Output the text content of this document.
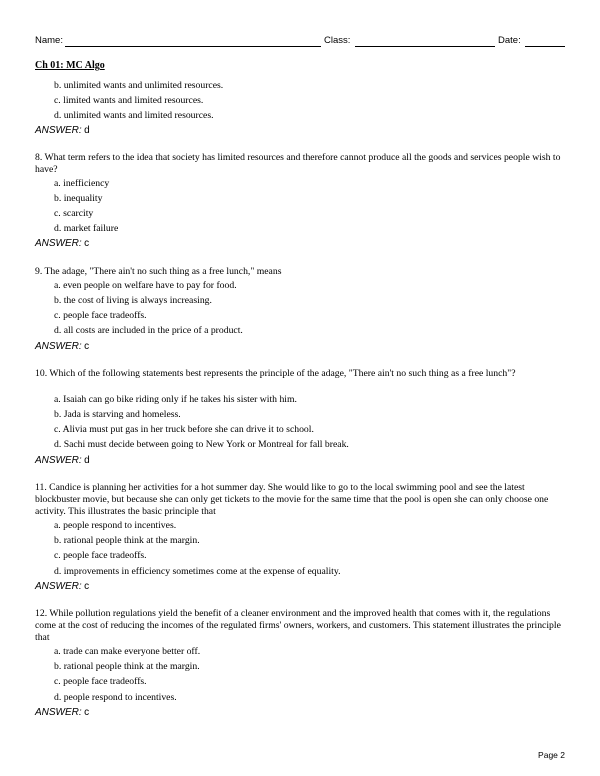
Name:	Class:	Date:
Ch 01: MC Algo
b. unlimited wants and unlimited resources.
c. limited wants and limited resources.
d. unlimited wants and limited resources.
ANSWER: d
8. What term refers to the idea that society has limited resources and therefore cannot produce all the goods and services people wish to have?
a. inefficiency
b. inequality
c. scarcity
d. market failure
ANSWER: c
9. The adage, "There ain't no such thing as a free lunch," means
a. even people on welfare have to pay for food.
b. the cost of living is always increasing.
c. people face tradeoffs.
d. all costs are included in the price of a product.
ANSWER: c
10. Which of the following statements best represents the principle of the adage, "There ain't no such thing as a free lunch"?
a. Isaiah can go bike riding only if he takes his sister with him.
b. Jada is starving and homeless.
c. Alivia must put gas in her truck before she can drive it to school.
d. Sachi must decide between going to New York or Montreal for fall break.
ANSWER: d
11. Candice is planning her activities for a hot summer day. She would like to go to the local swimming pool and see the latest blockbuster movie, but because she can only get tickets to the movie for the same time that the pool is open she can only choose one activity. This illustrates the basic principle that
a. people respond to incentives.
b. rational people think at the margin.
c. people face tradeoffs.
d. improvements in efficiency sometimes come at the expense of equality.
ANSWER: c
12. While pollution regulations yield the benefit of a cleaner environment and the improved health that comes with it, the regulations come at the cost of reducing the incomes of the regulated firms' owners, workers, and customers. This statement illustrates the principle that
a. trade can make everyone better off.
b. rational people think at the margin.
c. people face tradeoffs.
d. people respond to incentives.
ANSWER: c
Page 2
